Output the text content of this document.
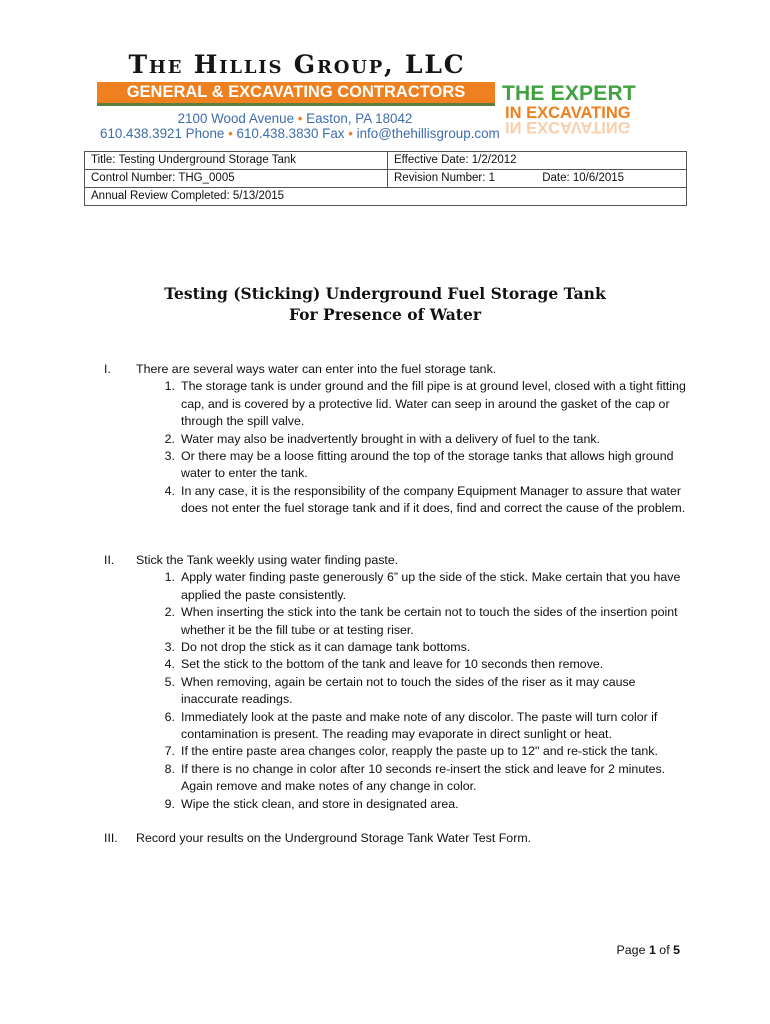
The Hillis Group, LLC
GENERAL & EXCAVATING CONTRACTORS
2100 Wood Avenue • Easton, PA 18042
610.438.3921 Phone • 610.438.3830 Fax • info@thehillisgroup.com
THE EXPERT
IN EXCAVATING
IN EXCAVATING
Title: Testing Underground Storage Tank	Effective Date: 1/2/2012
Control Number: THG_0005	Revision Number: 1 Date: 10/6/2015
Annual Review Completed: 5/13/2015	
Testing (Sticking) Underground Fuel Storage Tank
For Presence of Water
I. There are several ways water can enter into the fuel storage tank.
1. The storage tank is under ground and the fill pipe is at ground level, closed with a tight fitting cap, and is covered by a protective lid. Water can seep in around the gasket of the cap or through the spill valve.
2. Water may also be inadvertently brought in with a delivery of fuel to the tank.
3. Or there may be a loose fitting around the top of the storage tanks that allows high ground water to enter the tank.
4. In any case, it is the responsibility of the company Equipment Manager to assure that water does not enter the fuel storage tank and if it does, find and correct the cause of the problem.
II. Stick the Tank weekly using water finding paste.
1. Apply water finding paste generously 6” up the side of the stick. Make certain that you have applied the paste consistently.
2. When inserting the stick into the tank be certain not to touch the sides of the insertion point whether it be the fill tube or at testing riser.
3. Do not drop the stick as it can damage tank bottoms.
4. Set the stick to the bottom of the tank and leave for 10 seconds then remove.
5. When removing, again be certain not to touch the sides of the riser as it may cause inaccurate readings.
6. Immediately look at the paste and make note of any discolor. The paste will turn color if contamination is present. The reading may evaporate in direct sunlight or heat.
7. If the entire paste area changes color, reapply the paste up to 12" and re-stick the tank.
8. If there is no change in color after 10 seconds re-insert the stick and leave for 2 minutes. Again remove and make notes of any change in color.
9. Wipe the stick clean, and store in designated area.
III. Record your results on the Underground Storage Tank Water Test Form.
Page 1 of 5
